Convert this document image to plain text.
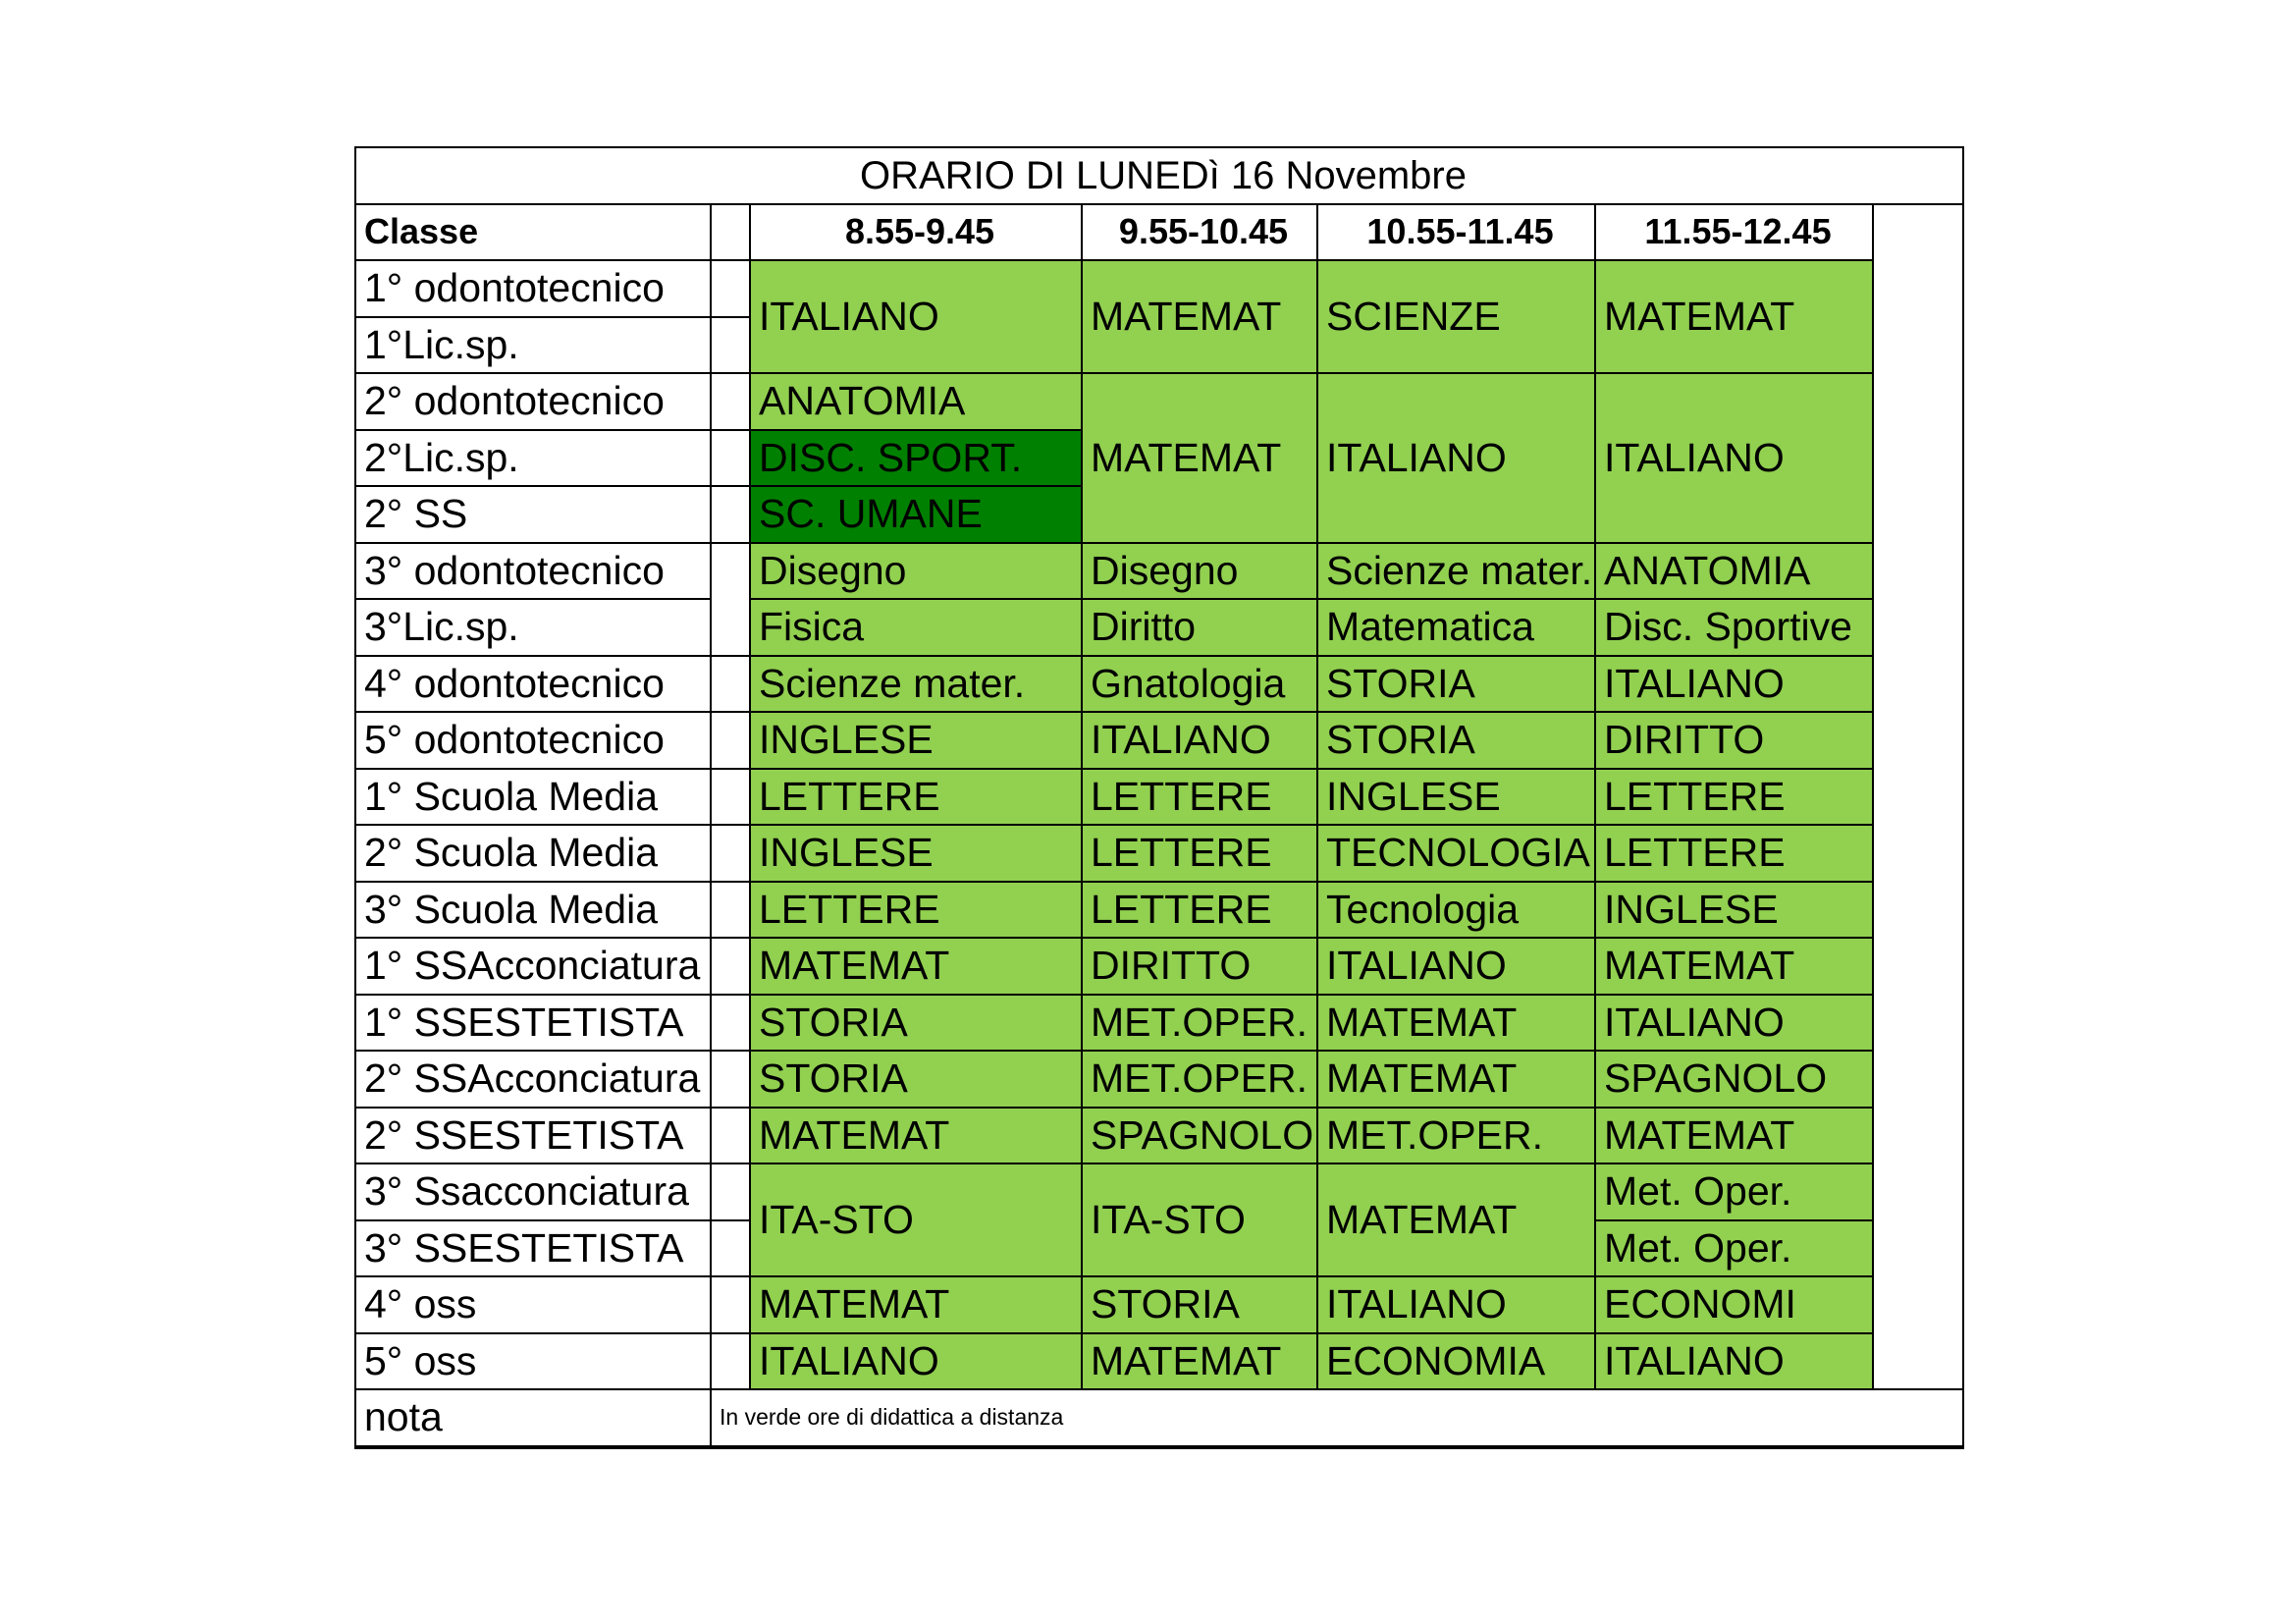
ORARIO DI LUNEDì 16 Novembre						
Classe		8.55-9.45	9.55-10.45	10.55-11.45	11.55-12.45	
1° odontotecnico		ITALIANO	MATEMAT	SCIENZE	MATEMAT	
1°Lic.sp.						
2° odontotecnico		ANATOMIA	MATEMAT	ITALIANO	ITALIANO	
2°Lic.sp.		DISC. SPORT.				
2° SS		SC. UMANE				
3° odontotecnico		Disegno	Disegno	Scienze mater.	ANATOMIA	
3°Lic.sp.		Fisica	Diritto	Matematica	Disc. Sportive	
4° odontotecnico		Scienze mater.	Gnatologia	STORIA	ITALIANO	
5° odontotecnico		INGLESE	ITALIANO	STORIA	DIRITTO	
1° Scuola Media		LETTERE	LETTERE	INGLESE	LETTERE	
2° Scuola Media		INGLESE	LETTERE	TECNOLOGIA	LETTERE	
3° Scuola Media		LETTERE	LETTERE	Tecnologia	INGLESE	
1° SSAcconciatura		MATEMAT	DIRITTO	ITALIANO	MATEMAT	
1° SSESTETISTA		STORIA	MET.OPER.	MATEMAT	ITALIANO	
2° SSAcconciatura		STORIA	MET.OPER.	MATEMAT	SPAGNOLO	
2° SSESTETISTA		MATEMAT	SPAGNOLO	MET.OPER.	MATEMAT	
3° Ssacconciatura		ITA-STO	ITA-STO	MATEMAT	Met. Oper.	
3° SSESTETISTA					Met. Oper.	
4° oss		MATEMAT	STORIA	ITALIANO	ECONOMI	
5° oss		ITALIANO	MATEMAT	ECONOMIA	ITALIANO	
nota	In verde ore di didattica a distanza					
